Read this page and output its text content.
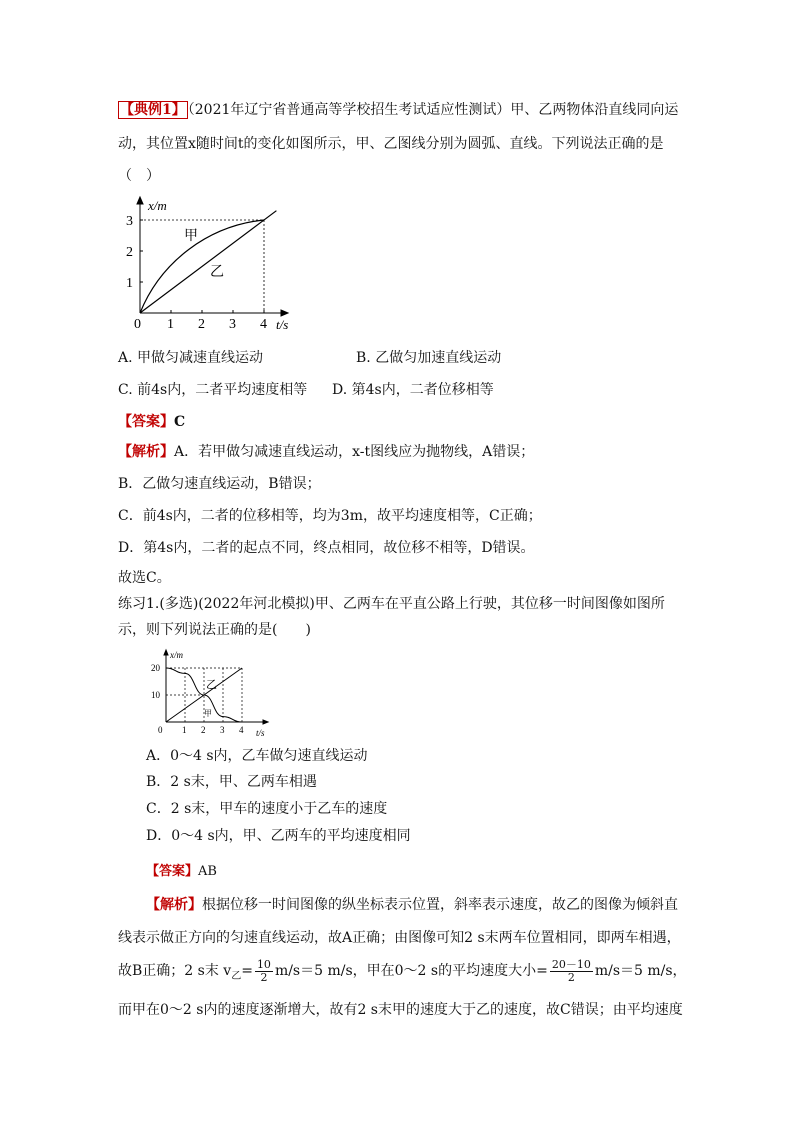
【典例1】 （2021年辽宁省普通高等学校招生考试适应性测试）甲、乙两物体沿直线同向运
动，其位置x随时间t的变化如图所示，甲、乙图线分别为圆弧、直线。下列说法正确的是
（　）
0 1 2 3 4
1
2
3
x/m
t/s
甲
乙
A. 甲做匀减速直线运动	B. 乙做匀加速直线运动
C. 前4s内，二者平均速度相等 D. 第4s内，二者位移相等
【答案】C
【解析】A．若甲做匀减速直线运动，x-t图线应为抛物线，A错误；
B．乙做匀速直线运动，B错误；
C．前4s内，二者的位移相等，均为3m，故平均速度相等，C正确；
D．第4s内，二者的起点不同，终点相同，故位移不相等，D错误。
故选C。
练习1.(多选)(2022年河北模拟)甲、乙两车在平直公路上行驶，其位移一时间图像如图所
示，则下列说法正确的是(　　)
0 1 2 3 4
10
20
x/m
t/s
甲
乙
A．0～4 s内，乙车做匀速直线运动
B．2 s末，甲、乙两车相遇
C．2 s末，甲车的速度小于乙车的速度
D．0～4 s内，甲、乙两车的平均速度相同
【答案】AB
【解析】根据位移一时间图像的纵坐标表示位置，斜率表示速度，故乙的图像为倾斜直
线表示做正方向的匀速直线运动，故A正确；由图像可知2 s末两车位置相同，即两车相遇，
故B正确；2 s末 $v_乙= \frac{10}{2} m/s=5$ m/s，甲在0～2 s的平均速度大小= $\frac{20-10}{2} m/s=5$ m/s，
而甲在0～2 s内的速度逐渐增大，故有2 s末甲的速度大于乙的速度，故C错误；由平均速度
